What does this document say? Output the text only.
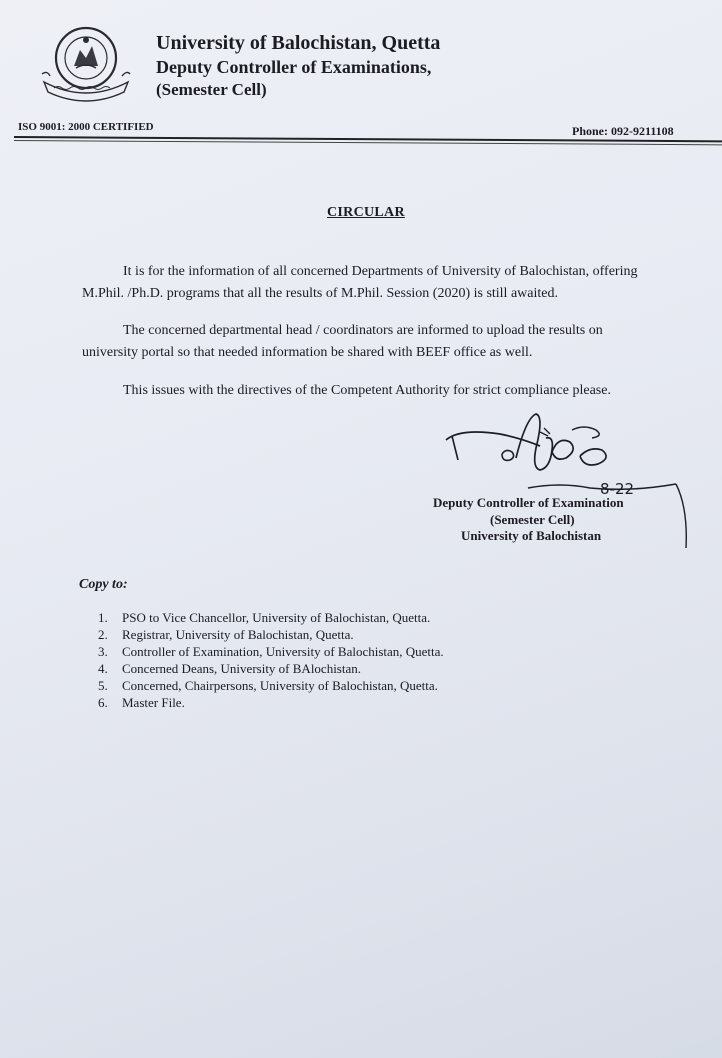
University of Balochistan, Quetta
Deputy Controller of Examinations,
(Semester Cell)
ISO 9001: 2000 CERTIFIED	Phone: 092-9211108
CIRCULAR
It is for the information of all concerned Departments of University of Balochistan, offering
M.Phil. /Ph.D. programs that all the results of M.Phil. Session (2020) is still awaited.
The concerned departmental head / coordinators are informed to upload the results on
university portal so that needed information be shared with BEEF office as well.
This issues with the directives of the Competent Authority for strict compliance please.
8-22
Deputy Controller of Examination
(Semester Cell)
University of Balochistan
Copy to:
1. PSO to Vice Chancellor, University of Balochistan, Quetta.
2. Registrar, University of Balochistan, Quetta.
3. Controller of Examination, University of Balochistan, Quetta.
4. Concerned Deans, University of BAlochistan.
5. Concerned, Chairpersons, University of Balochistan, Quetta.
6. Master File.
